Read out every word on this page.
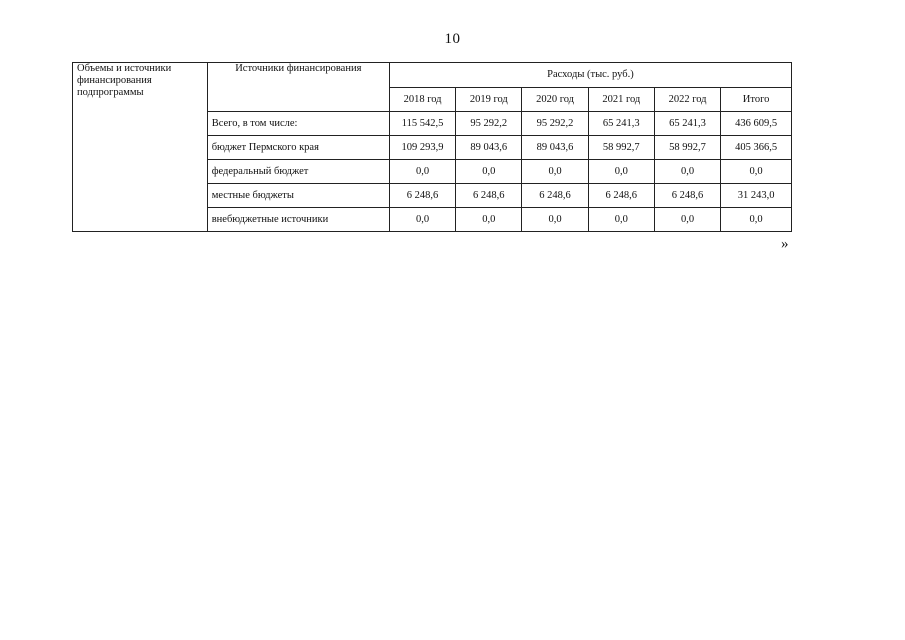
10
Объемы и источники финансирования подпрограммы	Источники финансирования	Расходы (тыс. руб.)					
		2018 год	2019 год	2020 год	2021 год	2022 год	Итого
	Всего, в том числе:	115 542,5	95 292,2	95 292,2	65 241,3	65 241,3	436 609,5
	бюджет Пермского края	109 293,9	89 043,6	89 043,6	58 992,7	58 992,7	405 366,5
	федеральный бюджет	0,0	0,0	0,0	0,0	0,0	0,0
	местные бюджеты	6 248,6	6 248,6	6 248,6	6 248,6	6 248,6	31 243,0
	внебюджетные источники	0,0	0,0	0,0	0,0	0,0	0,0
»
